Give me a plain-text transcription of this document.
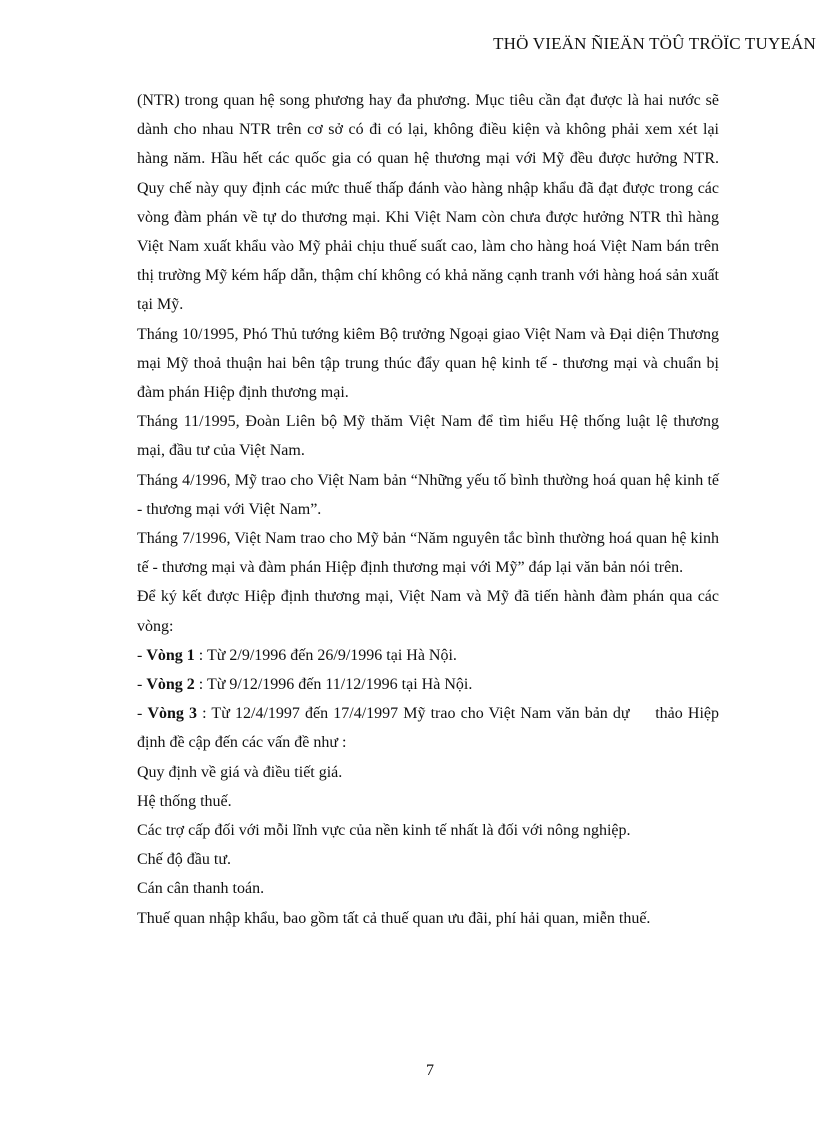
THÖ VIEÄN ÑIEÄN TÖÛ TRÖÏC TUYEÁN

(NTR) trong quan hệ song phương hay đa phương. Mục tiêu cần đạt được là hai nước sẽ dành cho nhau NTR trên cơ sở có đi có lại, không điều kiện và không phải xem xét lại hàng năm. Hầu hết các quốc gia có quan hệ thương mại với Mỹ đều được hưởng NTR. Quy chế này quy định các mức thuế thấp đánh vào hàng nhập khẩu đã đạt được trong các vòng đàm phán về tự do thương mại. Khi Việt Nam còn chưa được hưởng NTR thì hàng Việt Nam xuất khẩu vào Mỹ phải chịu thuế suất cao, làm cho hàng hoá Việt Nam bán trên thị trường Mỹ kém hấp dẫn, thậm chí không có khả năng cạnh tranh với hàng hoá sản xuất tại Mỹ.

Tháng 10/1995, Phó Thủ tướng kiêm Bộ trưởng Ngoại giao Việt Nam và Đại diện Thương mại Mỹ thoả thuận hai bên tập trung thúc đẩy quan hệ kinh tế - thương mại và chuẩn bị đàm phán Hiệp định thương mại.

Tháng 11/1995, Đoàn Liên bộ Mỹ thăm Việt Nam để tìm hiểu Hệ thống luật lệ thương mại, đầu tư của Việt Nam.

Tháng 4/1996, Mỹ trao cho Việt Nam bản “Những yếu tố bình thường hoá quan hệ kinh tế - thương mại với Việt Nam”.

Tháng 7/1996, Việt Nam trao cho Mỹ bản “Năm nguyên tắc bình thường hoá quan hệ kinh tế - thương mại và đàm phán Hiệp định thương mại với Mỹ” đáp lại văn bản nói trên.

Để ký kết được Hiệp định thương mại, Việt Nam và Mỹ đã tiến hành đàm phán qua các vòng:

- Vòng 1 : Từ 2/9/1996 đến 26/9/1996 tại Hà Nội.

- Vòng 2 : Từ 9/12/1996 đến 11/12/1996 tại Hà Nội.

- Vòng 3 : Từ 12/4/1997 đến 17/4/1997 Mỹ trao cho Việt Nam văn bản dự     thảo Hiệp định đề cập đến các vấn đề như :

Quy định về giá và điều tiết giá.

Hệ thống thuế.

Các trợ cấp đối với mỗi lĩnh vực của nền kinh tế nhất là đối với nông nghiệp.

Chế độ đầu tư.

Cán cân thanh toán.

Thuế quan nhập khẩu, bao gồm tất cả thuế quan ưu đãi, phí hải quan, miễn thuế.

7
